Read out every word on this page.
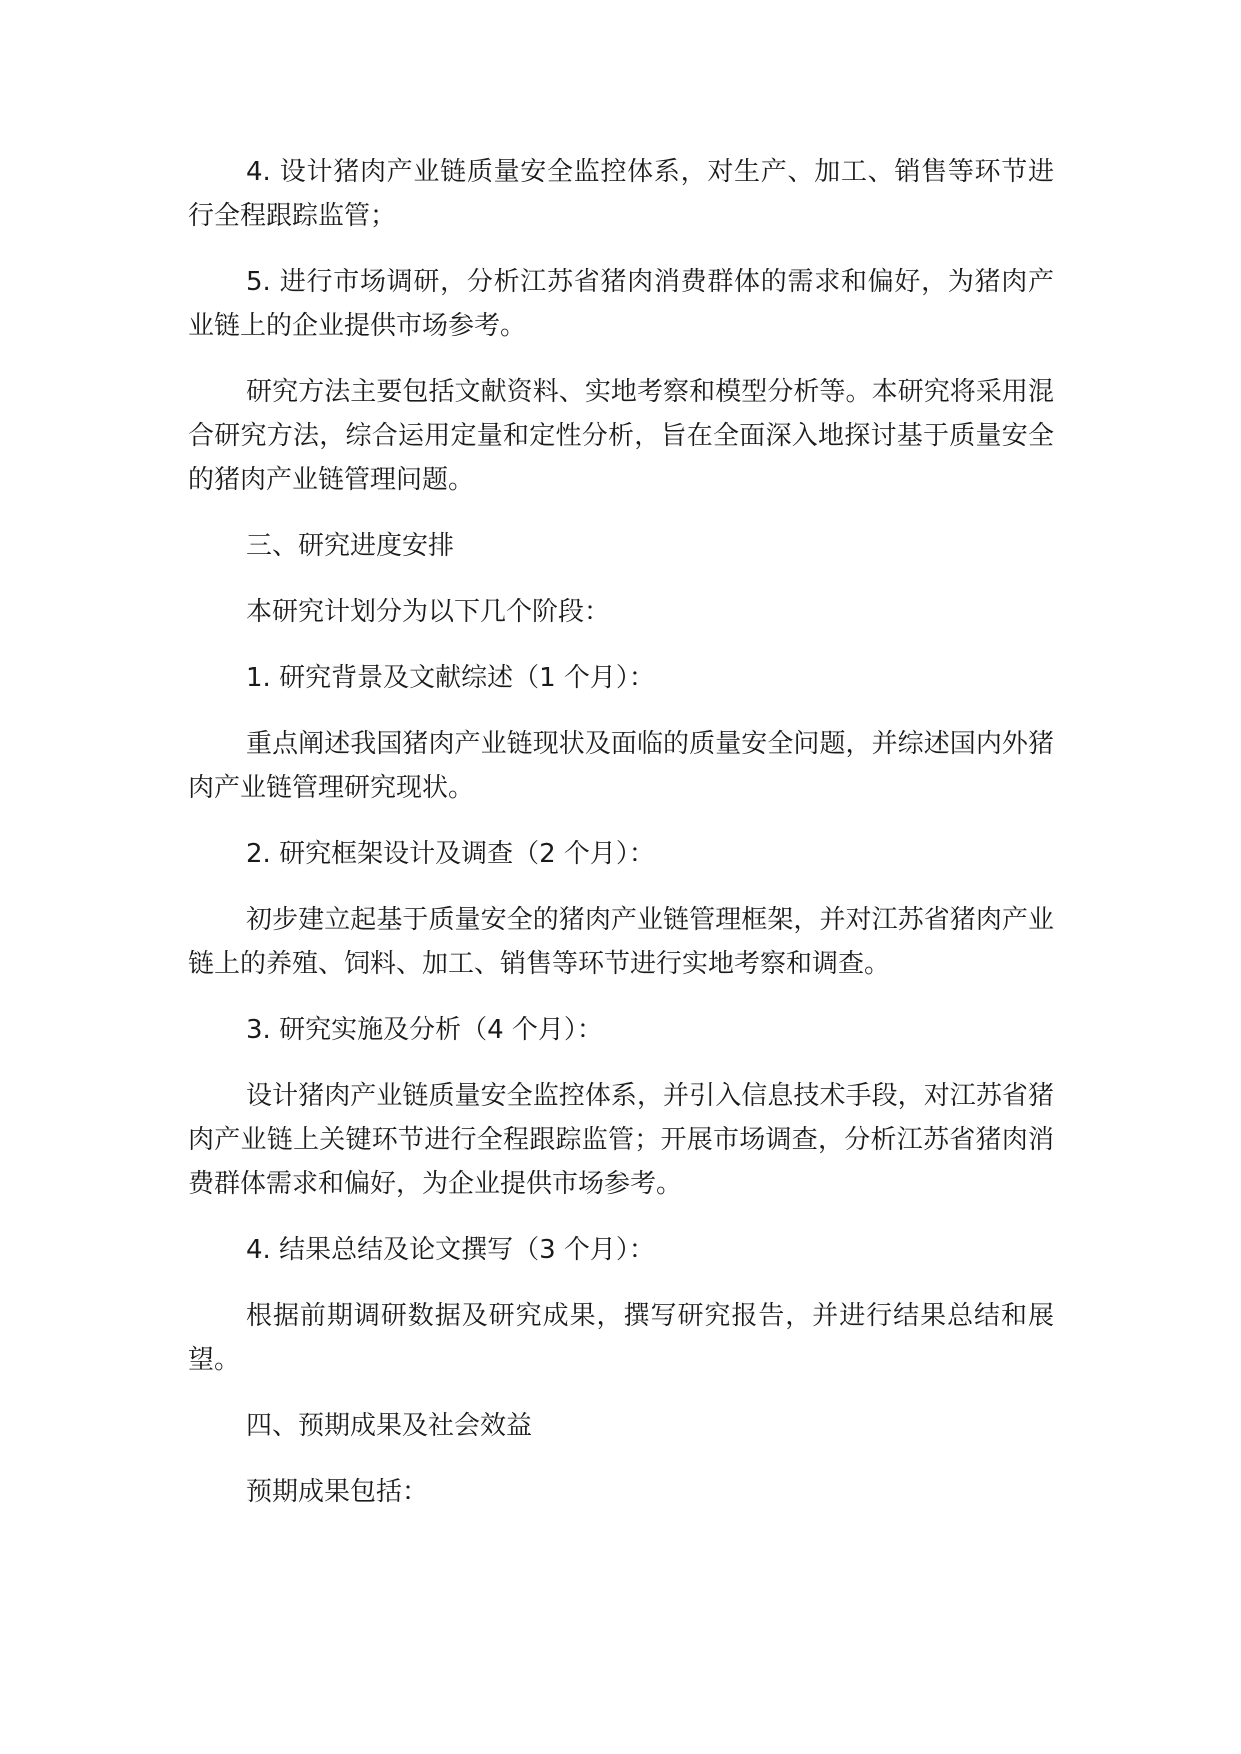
4. 设计猪肉产业链质量安全监控体系，对生产、加工、销售等环节进行全程跟踪监管；

5. 进行市场调研，分析江苏省猪肉消费群体的需求和偏好，为猪肉产业链上的企业提供市场参考。

研究方法主要包括文献资料、实地考察和模型分析等。本研究将采用混合研究方法，综合运用定量和定性分析，旨在全面深入地探讨基于质量安全的猪肉产业链管理问题。

三、研究进度安排

本研究计划分为以下几个阶段：

1. 研究背景及文献综述（1 个月）：

重点阐述我国猪肉产业链现状及面临的质量安全问题，并综述国内外猪肉产业链管理研究现状。

2. 研究框架设计及调查（2 个月）：

初步建立起基于质量安全的猪肉产业链管理框架，并对江苏省猪肉产业链上的养殖、饲料、加工、销售等环节进行实地考察和调查。

3. 研究实施及分析（4 个月）：

设计猪肉产业链质量安全监控体系，并引入信息技术手段，对江苏省猪肉产业链上关键环节进行全程跟踪监管；开展市场调查，分析江苏省猪肉消费群体需求和偏好，为企业提供市场参考。

4. 结果总结及论文撰写（3 个月）：

根据前期调研数据及研究成果，撰写研究报告，并进行结果总结和展望。

四、预期成果及社会效益

预期成果包括：
